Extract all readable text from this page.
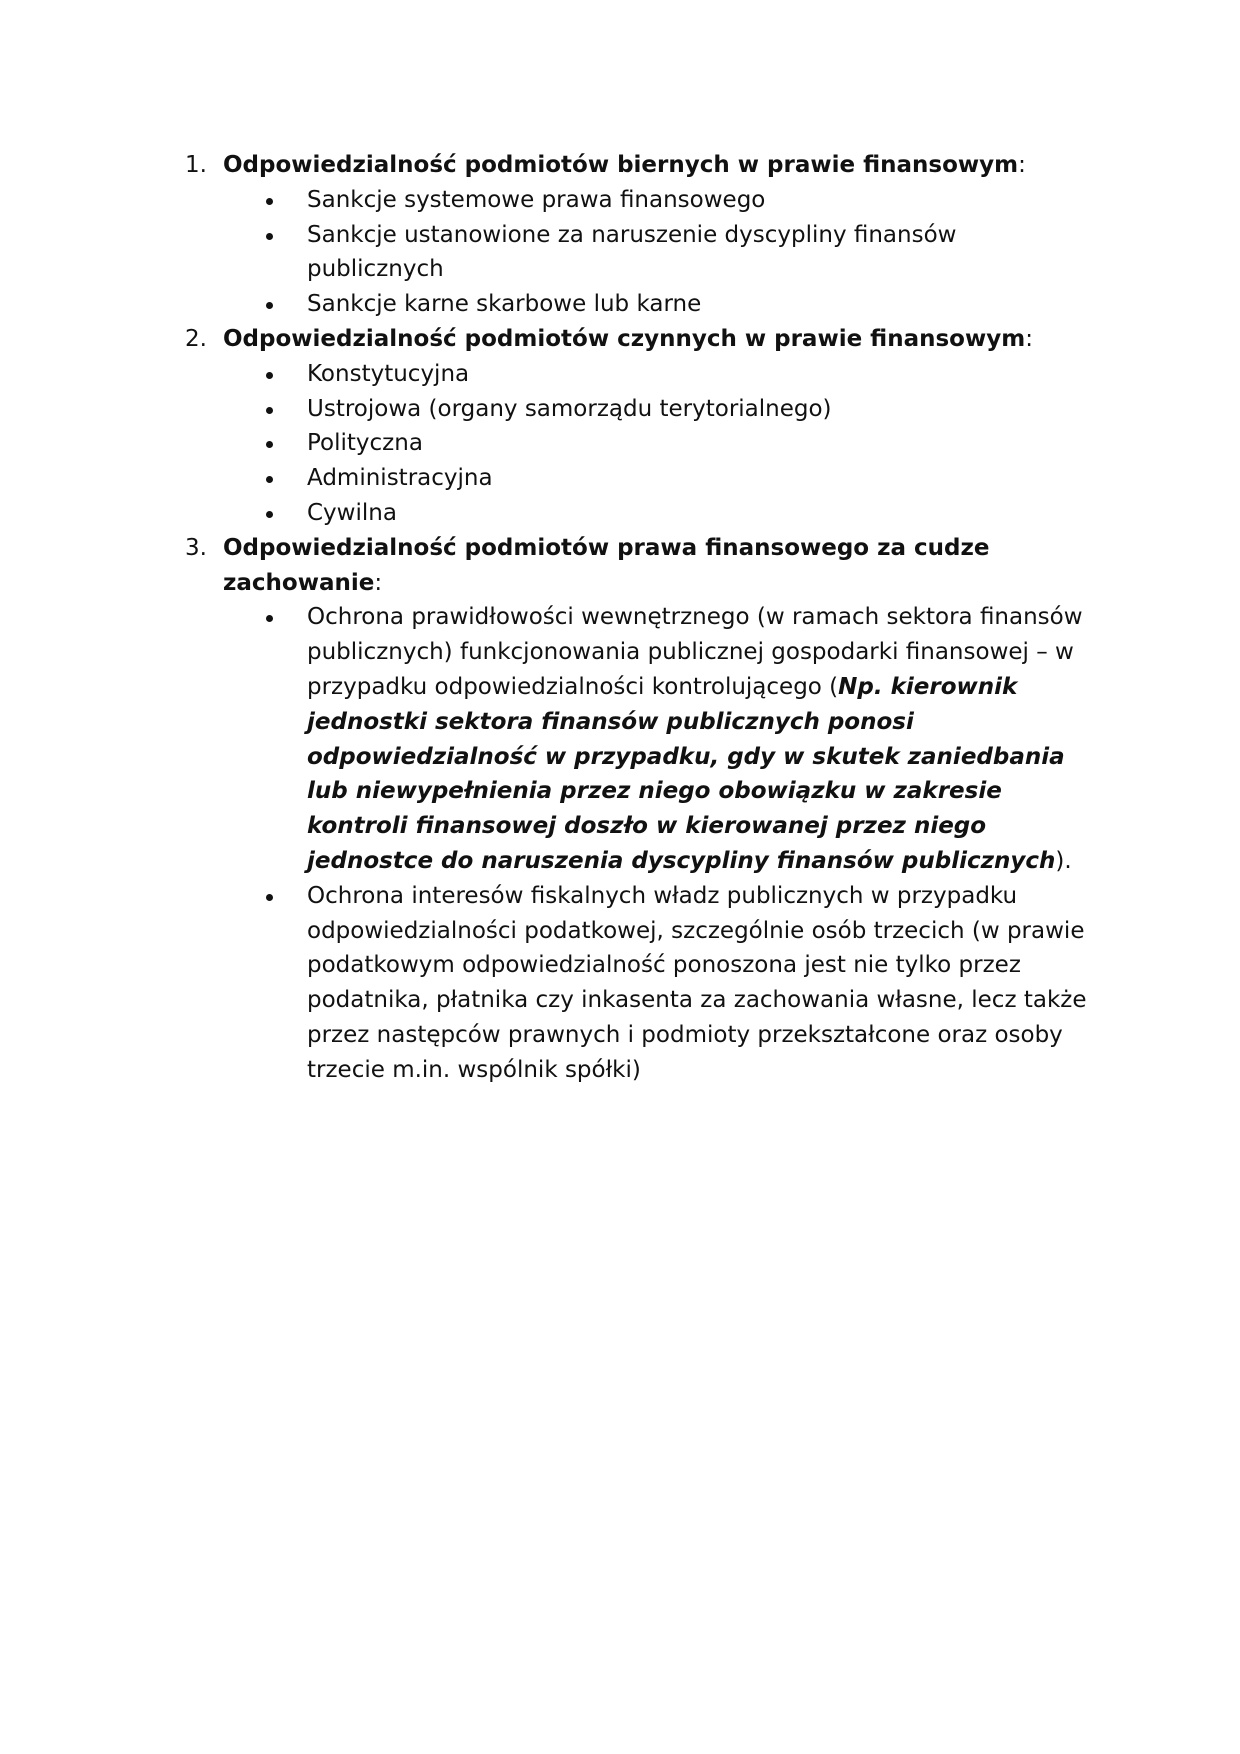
1. Odpowiedzialność podmiotów biernych w prawie finansowym:
Sankcje systemowe prawa finansowego
Sankcje ustanowione za naruszenie dyscypliny finansów publicznych
Sankcje karne skarbowe lub karne
2. Odpowiedzialność podmiotów czynnych w prawie finansowym:
Konstytucyjna
Ustrojowa (organy samorządu terytorialnego)
Polityczna
Administracyjna
Cywilna
3. Odpowiedzialność podmiotów prawa finansowego za cudze zachowanie:
Ochrona prawidłowości wewnętrznego (w ramach sektora finansów publicznych) funkcjonowania publicznej gospodarki finansowej – w przypadku odpowiedzialności kontrolującego (Np. kierownik jednostki sektora finansów publicznych ponosi odpowiedzialność w przypadku, gdy w skutek zaniedbania lub niewypełnienia przez niego obowiązku w zakresie kontroli finansowej doszło w kierowanej przez niego jednostce do naruszenia dyscypliny finansów publicznych).
Ochrona interesów fiskalnych władz publicznych w przypadku odpowiedzialności podatkowej, szczególnie osób trzecich (w prawie podatkowym odpowiedzialność ponoszona jest nie tylko przez podatnika, płatnika czy inkasenta za zachowania własne, lecz także przez następców prawnych i podmioty przekształcone oraz osoby trzecie m.in. wspólnik spółki)
